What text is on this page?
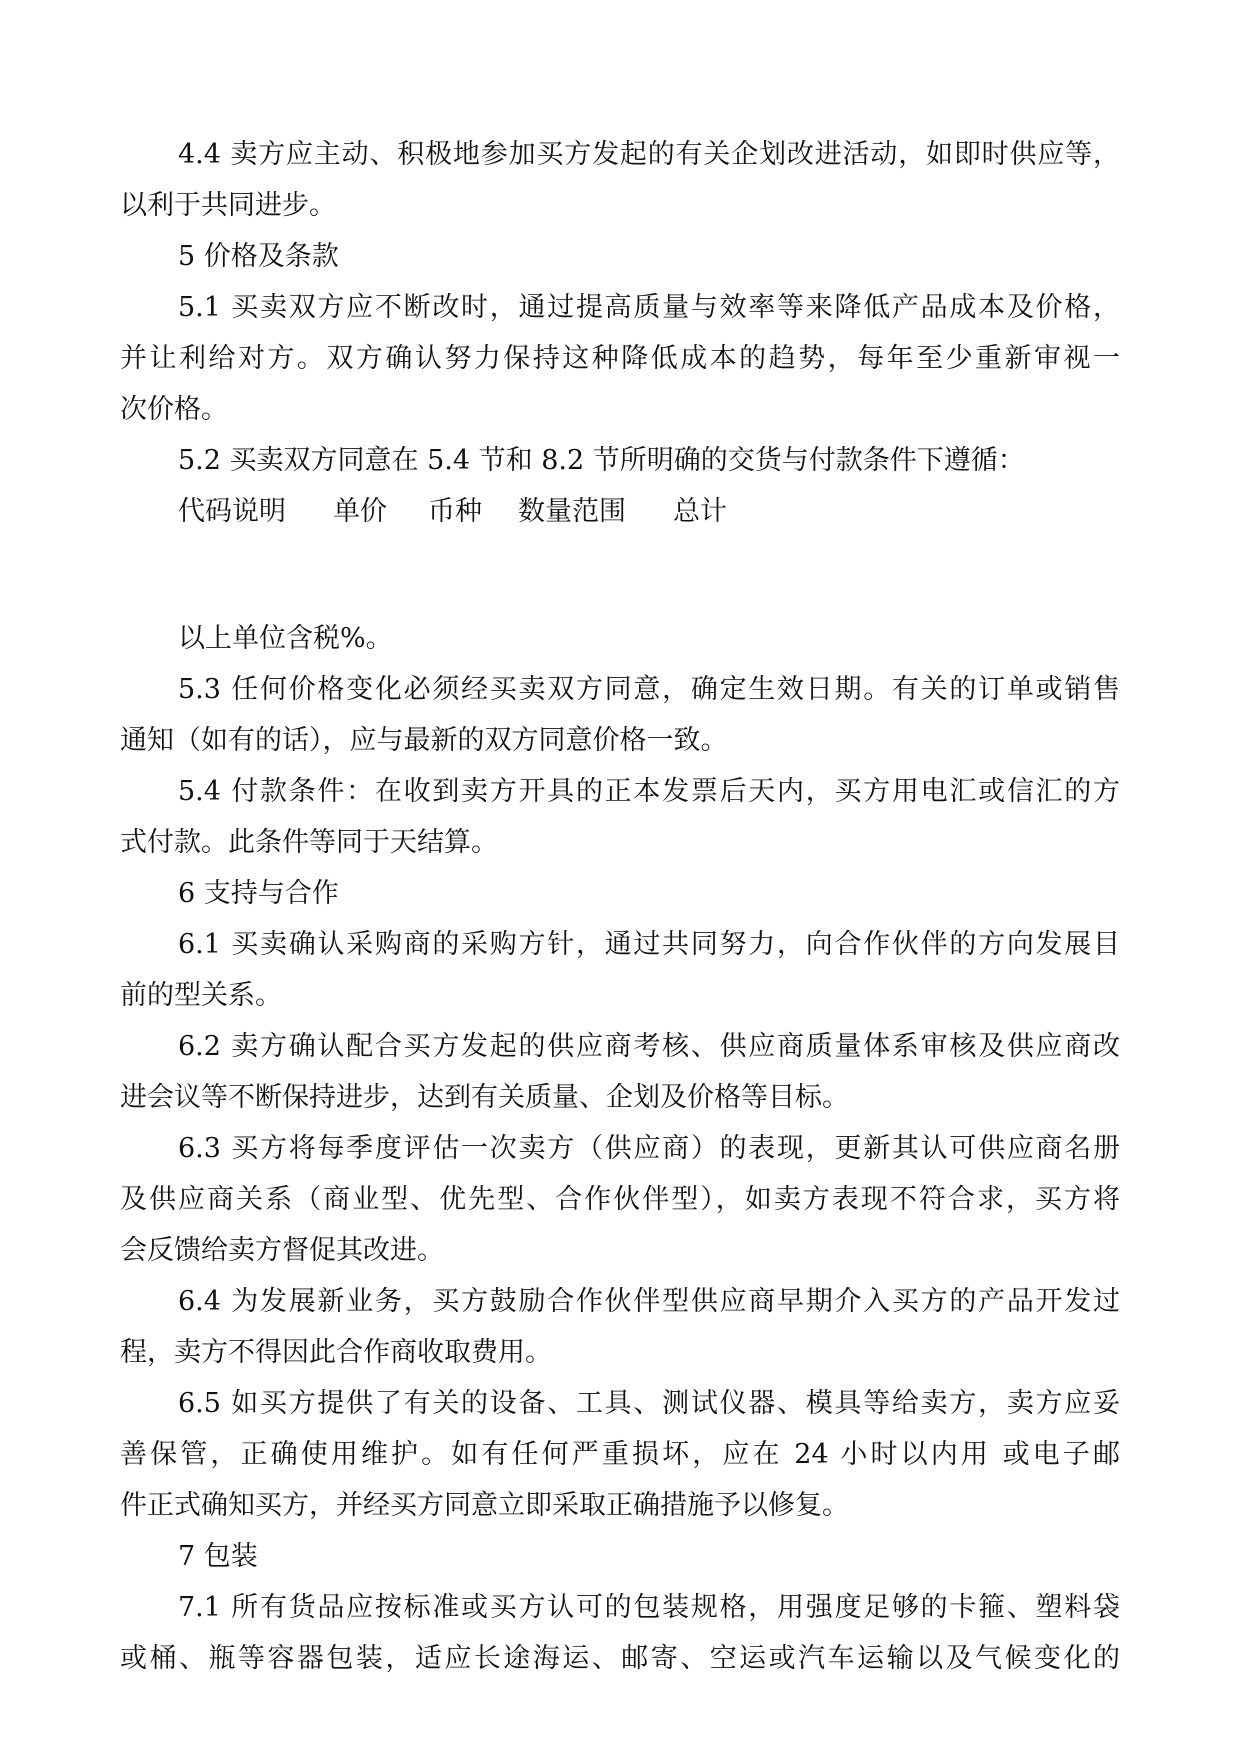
4.4 卖方应主动、积极地参加买方发起的有关企划改进活动，如即时供应等，
以利于共同进步。
5 价格及条款
5.1 买卖双方应不断改时，通过提高质量与效率等来降低产品成本及价格，
并让利给对方。双方确认努力保持这种降低成本的趋势，每年至少重新审视一
次价格。
5.2 买卖双方同意在 5.4 节和 8.2 节所明确的交货与付款条件下遵循：
代码说明 单价 币种 数量范围 总计
以上单位含税%。
5.3 任何价格变化必须经买卖双方同意，确定生效日期。有关的订单或销售
通知（如有的话），应与最新的双方同意价格一致。
5.4 付款条件：在收到卖方开具的正本发票后天内，买方用电汇或信汇的方
式付款。此条件等同于天结算。
6 支持与合作
6.1 买卖确认采购商的采购方针，通过共同努力，向合作伙伴的方向发展目
前的型关系。
6.2 卖方确认配合买方发起的供应商考核、供应商质量体系审核及供应商改
进会议等不断保持进步，达到有关质量、企划及价格等目标。
6.3 买方将每季度评估一次卖方（供应商）的表现，更新其认可供应商名册
及供应商关系（商业型、优先型、合作伙伴型），如卖方表现不符合求，买方将
会反馈给卖方督促其改进。
6.4 为发展新业务，买方鼓励合作伙伴型供应商早期介入买方的产品开发过
程，卖方不得因此合作商收取费用。
6.5 如买方提供了有关的设备、工具、测试仪器、模具等给卖方，卖方应妥
善保管，正确使用维护。如有任何严重损坏，应在 24 小时以内用 或电子邮
件正式确知买方，并经买方同意立即采取正确措施予以修复。
7 包装
7.1 所有货品应按标准或买方认可的包装规格，用强度足够的卡箍、塑料袋
或桶、瓶等容器包装，适应长途海运、邮寄、空运或汽车运输以及气候变化的
